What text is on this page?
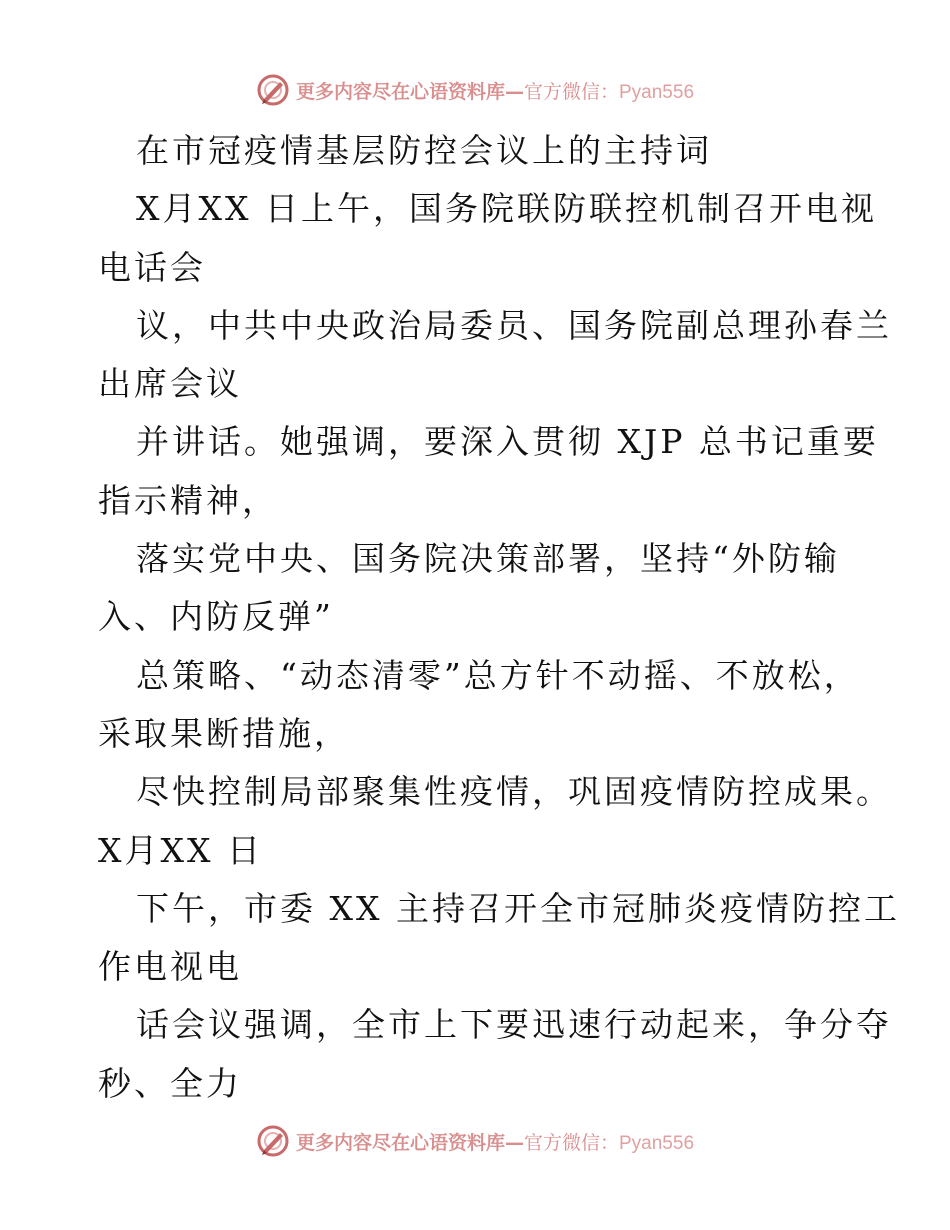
更多内容尽在心语资料库—官方微信：Pyan556
在市冠疫情基层防控会议上的主持词
X月XX 日上午，国务院联防联控机制召开电视
电话会
议，中共中央政治局委员、国务院副总理孙春兰
出席会议
并讲话。她强调，要深入贯彻 XJP 总书记重要
指示精神，
落实党中央、国务院决策部署，坚持“外防输
入、内防反弹”
总策略、“动态清零”总方针不动摇、不放松，
采取果断措施，
尽快控制局部聚集性疫情，巩固疫情防控成果。
X月XX 日
下午，市委 XX 主持召开全市冠肺炎疫情防控工
作电视电
话会议强调，全市上下要迅速行动起来，争分夺
秒、全力
更多内容尽在心语资料库—官方微信：Pyan556
